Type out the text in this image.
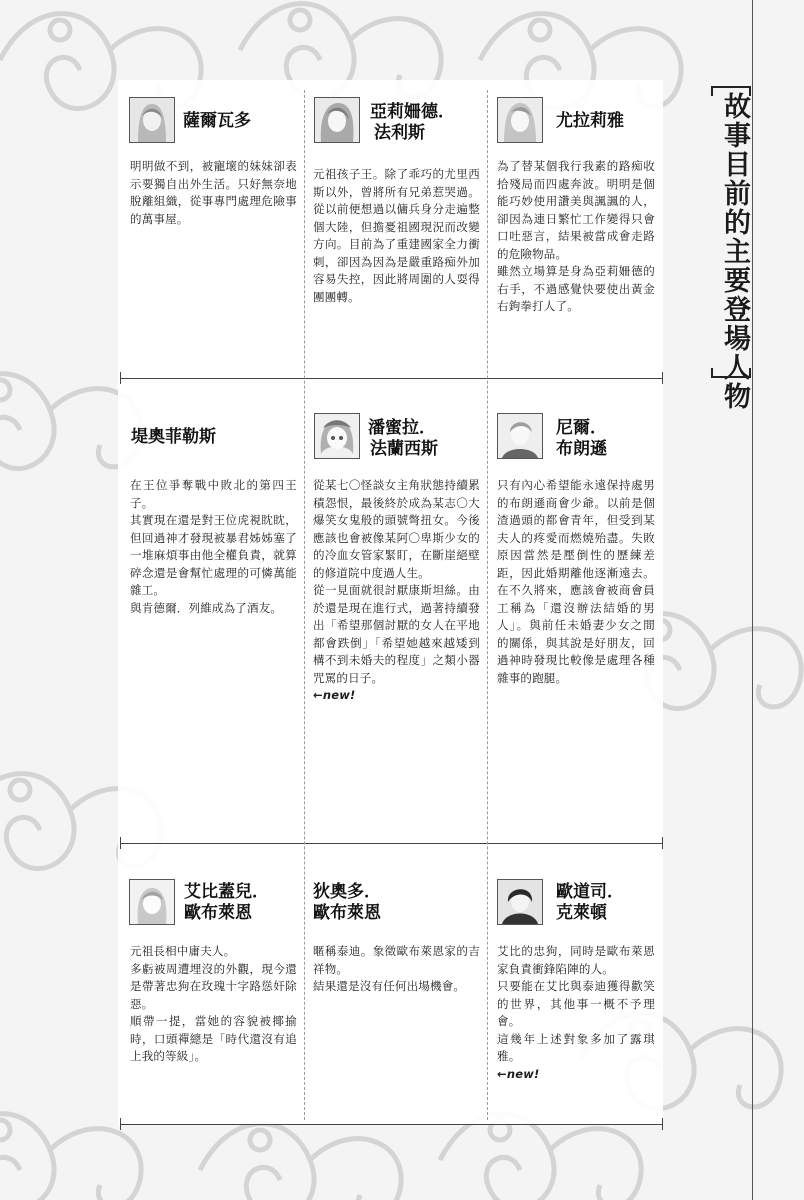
故事目前的主要登場人物
薩爾瓦多

明明做不到，被寵壞的妹妹卻表示要獨自出外生活。只好無奈地脫離組織，從事專門處理危險事的萬事屋。

亞莉姍德．
法利斯

元祖孩子王。除了乖巧的尤里西斯以外，曾將所有兄弟惹哭過。從以前便想過以傭兵身分走遍整個大陸，但擔憂祖國現況而改變方向。目前為了重建國家全力衝刺，卻因為因為是嚴重路痴外加容易失控，因此將周圍的人耍得團團轉。

尤拉莉雅

為了替某個我行我素的路痴收拾殘局而四處奔波。明明是個能巧妙使用讚美與諷諷的人，卻因為連日繁忙工作變得只會口吐惡言，結果被當成會走路的危險物品。

雖然立場算是身為亞莉姍德的右手，不過感覺快要使出黃金右鉤拳打人了。

堤奧菲勒斯

在王位爭奪戰中敗北的第四王子。

其實現在還是對王位虎視眈眈，但回過神才發現被暴君姊姊塞了一堆麻煩事由他全權負責，就算碎念還是會幫忙處理的可憐萬能雜工。

與肯德爾．列維成為了酒友。

潘蜜拉．
法蘭西斯

從某七〇怪談女主角狀態持續累積怨恨，最後終於成為某志〇大爆笑女鬼般的頭號彆扭女。今後應該也會被像某阿〇卑斯少女的的冷血女管家緊盯，在斷崖絕壁的修道院中度過人生。

從一見面就很討厭康斯坦絲。由於還是現在進行式，過著持續發出「希望那個討厭的女人在平地都會跌倒」「希望她越來越矮到構不到未婚夫的程度」之類小器咒罵的日子。

←new!

尼爾．
布朗遜

只有內心希望能永遠保持處男的布朗遜商會少爺。以前是個渣過頭的都會青年，但受到某夫人的疼愛而燃燒殆盡。失敗原因當然是壓倒性的歷練差距，因此婚期離他逐漸遠去。在不久將來，應該會被商會員工稱為「還沒辦法結婚的男人」。與前任未婚妻少女之間的關係，與其說是好朋友，回過神時發現比較像是處理各種雜事的跑腿。

艾比蓋兒．
歐布萊恩

元祖長相中庸夫人。

多虧被周遭埋沒的外觀，現今還是帶著忠狗在玫瑰十字路慫奸除惡。

順帶一提，當她的容貌被揶揄時，口頭禪總是「時代還沒有追上我的等級」。

狄奧多．
歐布萊恩

暱稱泰迪。象徵歐布萊恩家的吉祥物。

結果還是沒有任何出場機會。

歐道司．
克萊頓

艾比的忠狗，同時是歐布萊恩家負責衝鋒陷陣的人。

只要能在艾比與泰迪獲得歡笑的世界，其他事一概不予理會。

這幾年上述對象多加了露琪雅。

←new!
